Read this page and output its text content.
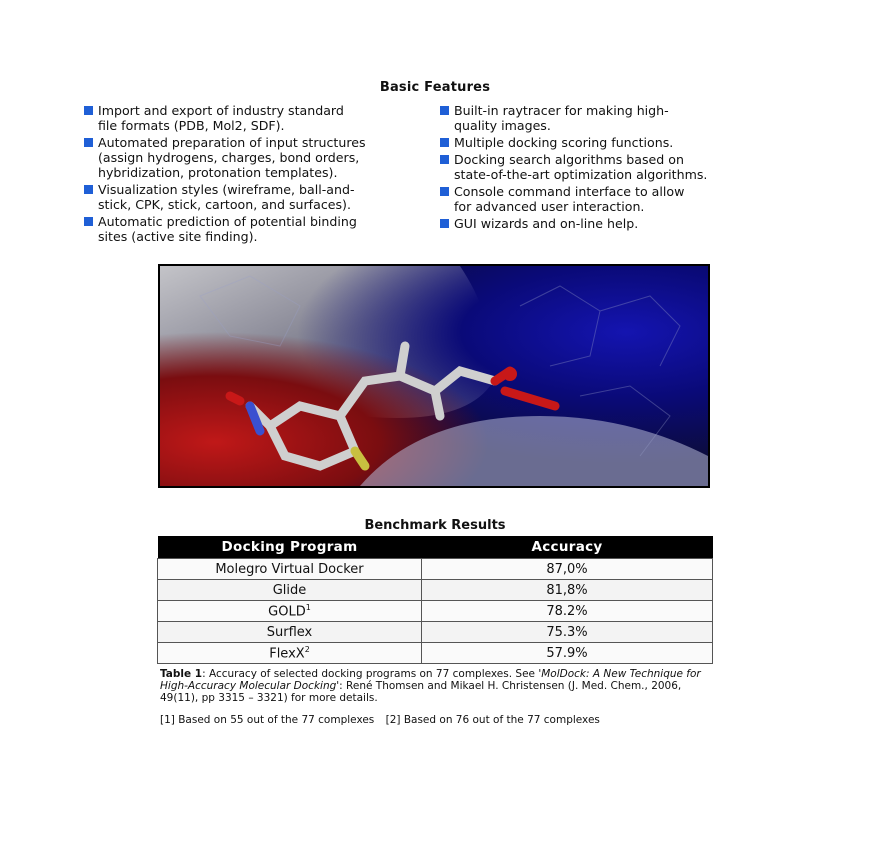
Basic Features
Import and export of industry standard
file formats (PDB, Mol2, SDF).
Automated preparation of input structures
(assign hydrogens, charges, bond orders,
hybridization, protonation templates).
Visualization styles (wireframe, ball-and-
stick, CPK, stick, cartoon, and surfaces).
Automatic prediction of potential binding
sites (active site finding).
Built-in raytracer for making high-
quality images.
Multiple docking scoring functions.
Docking search algorithms based on
state-of-the-art optimization algorithms.
Console command interface to allow
for advanced user interaction.
GUI wizards and on-line help.
Benchmark Results
Docking Program	Accuracy
Molegro Virtual Docker	87,0%
Glide	81,8%
GOLD$^1$	78.2%
Surflex	75.3%
FlexX$^2$	57.9%
Table 1: Accuracy of selected docking programs on 77 complexes. See 'MolDock: A New Technique for High-Accuracy Molecular Docking': René Thomsen and Mikael H. Christensen (J. Med. Chem., 2006, 49(11), pp 3315 – 3321) for more details.
[1] Based on 55 out of the 77 complexes [2] Based on 76 out of the 77 complexes
